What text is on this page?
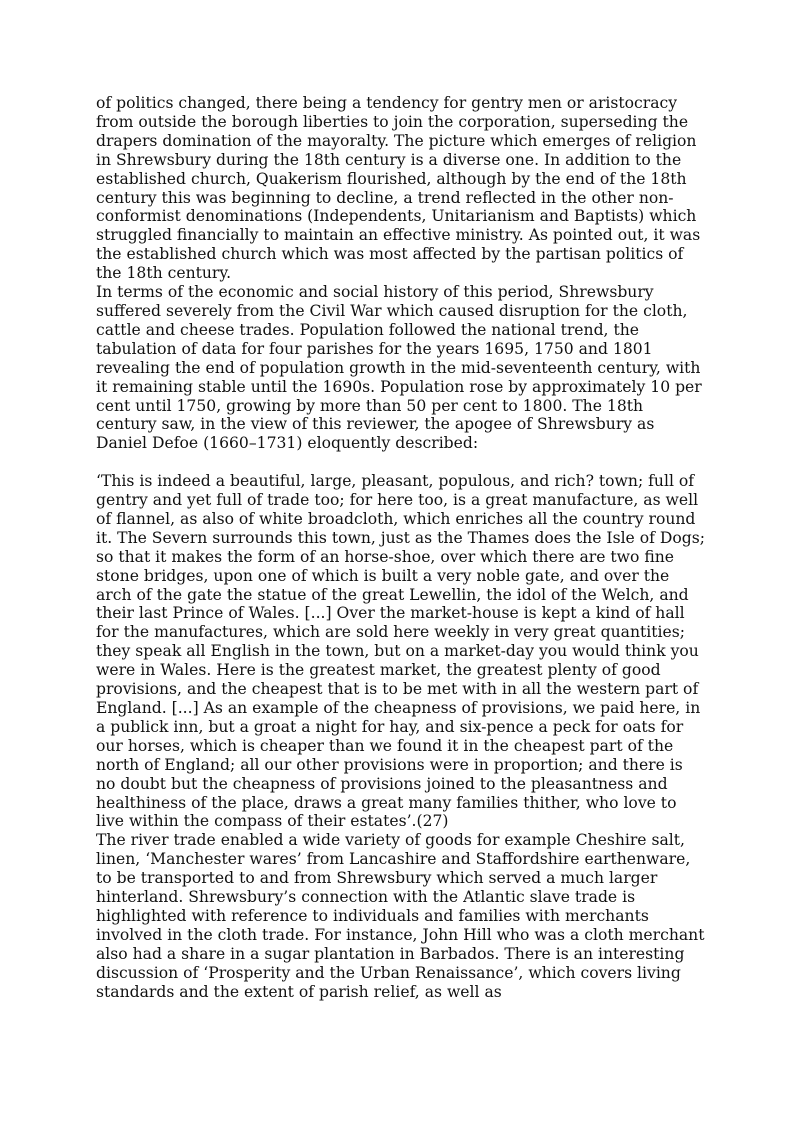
of politics changed, there being a tendency for gentry men or aristocracy from outside the borough liberties to join the corporation, superseding the drapers domination of the mayoralty. The picture which emerges of religion in Shrewsbury during the 18th century is a diverse one. In addition to the established church, Quakerism flourished, although by the end of the 18th century this was beginning to decline, a trend reflected in the other non-conformist denominations (Independents, Unitarianism and Baptists) which struggled financially to maintain an effective ministry. As pointed out, it was the established church which was most affected by the partisan politics of the 18th century.

In terms of the economic and social history of this period, Shrewsbury suffered severely from the Civil War which caused disruption for the cloth, cattle and cheese trades. Population followed the national trend, the tabulation of data for four parishes for the years 1695, 1750 and 1801 revealing the end of population growth in the mid-seventeenth century, with it remaining stable until the 1690s. Population rose by approximately 10 per cent until 1750, growing by more than 50 per cent to 1800. The 18th century saw, in the view of this reviewer, the apogee of Shrewsbury as Daniel Defoe (1660–1731) eloquently described:

‘This is indeed a beautiful, large, pleasant, populous, and rich? town; full of gentry and yet full of trade too; for here too, is a great manufacture, as well of flannel, as also of white broadcloth, which enriches all the country round it. The Severn surrounds this town, just as the Thames does the Isle of Dogs; so that it makes the form of an horse-shoe, over which there are two fine stone bridges, upon one of which is built a very noble gate, and over the arch of the gate the statue of the great Lewellin, the idol of the Welch, and their last Prince of Wales. [...] Over the market-house is kept a kind of hall for the manufactures, which are sold here weekly in very great quantities; they speak all English in the town, but on a market-day you would think you were in Wales. Here is the greatest market, the greatest plenty of good provisions, and the cheapest that is to be met with in all the western part of England. [...] As an example of the cheapness of provisions, we paid here, in a publick inn, but a groat a night for hay, and six-pence a peck for oats for our horses, which is cheaper than we found it in the cheapest part of the north of England; all our other provisions were in proportion; and there is no doubt but the cheapness of provisions joined to the pleasantness and healthiness of the place, draws a great many families thither, who love to live within the compass of their estates’.(27)

The river trade enabled a wide variety of goods for example Cheshire salt, linen, ‘Manchester wares’ from Lancashire and Staffordshire earthenware, to be transported to and from Shrewsbury which served a much larger hinterland. Shrewsbury’s connection with the Atlantic slave trade is highlighted with reference to individuals and families with merchants involved in the cloth trade. For instance, John Hill who was a cloth merchant also had a share in a sugar plantation in Barbados. There is an interesting discussion of ‘Prosperity and the Urban Renaissance’, which covers living standards and the extent of parish relief, as well as
